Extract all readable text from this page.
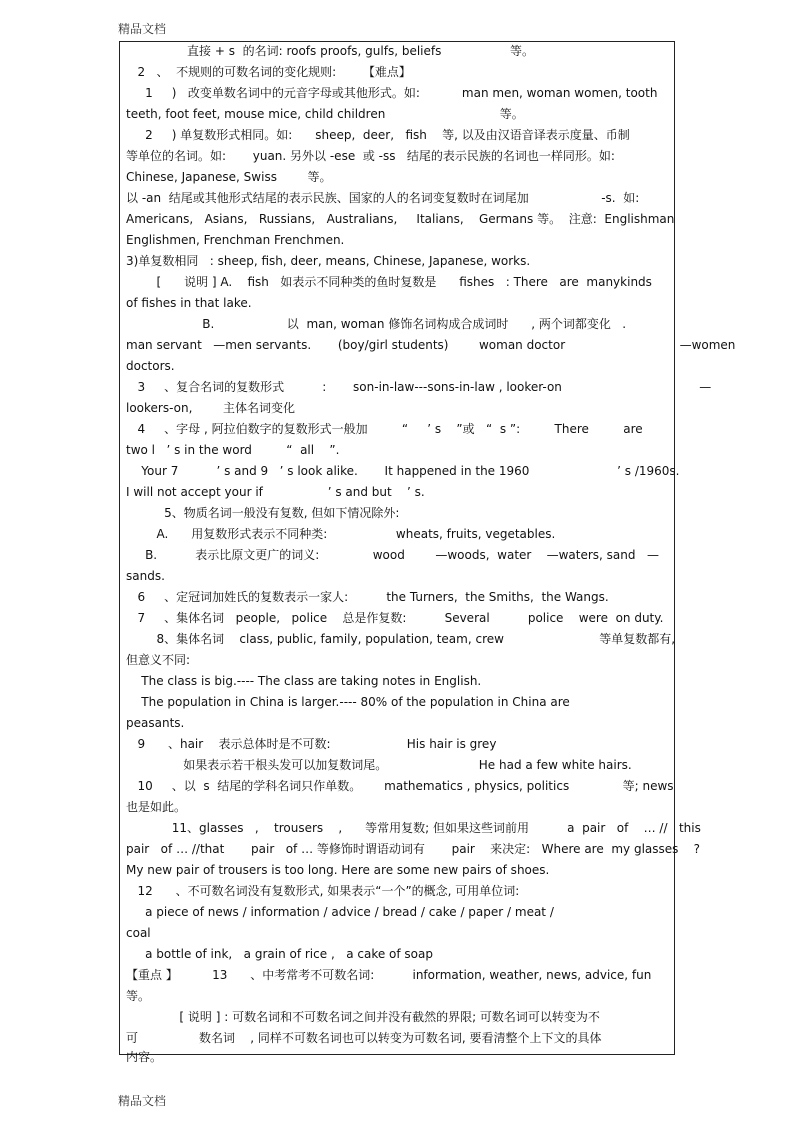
精品文档
直接 + s  的名词: roofs proofs, gulfs, beliefs                  等。
2   、  不规则的可数名词的变化规则:       【难点】
1     )   改变单数名词中的元音字母或其他形式。如:           man men, woman women, tooth
teeth, foot feet, mouse mice, child children                              等。
2     ) 单复数形式相同。如:      sheep,  deer,   fish    等, 以及由汉语音译表示度量、币制
等单位的名词。如:       yuan. 另外以 -ese  或 -ss   结尾的表示民族的名词也一样同形。如:
Chinese, Japanese, Swiss        等。
以 -an  结尾或其他形式结尾的表示民族、国家的人的名词变复数时在词尾加                   -s.  如:
Americans,   Asians,   Russians,   Australians,     Italians,    Germans 等。  注意:  Englishman
Englishmen, Frenchman Frenchmen.
3)单复数相同   : sheep, fish, deer, means, Chinese, Japanese, works.
[      说明 ] A.    fish   如表示不同种类的鱼时复数是      fishes   : There   are  manykinds
of fishes in that lake.
B.                   以  man, woman 修饰名词构成合成词时      , 两个词都变化   .
man servant   —men servants.       (boy/girl students)        woman doctor                              —women
doctors.
3     、复合名词的复数形式          :       son-in-law---sons-in-law , looker-on                                    —
lookers-on,        主体名词变化
4     、字母 , 阿拉伯数字的复数形式一般加         “     ’ s    ”或   “  s ”:         There         are
two l   ’ s in the word         “  all    ”.
Your 7          ’ s and 9   ’ s look alike.       It happened in the 1960                       ’ s /1960s.
I will not accept your if                 ’ s and but    ’ s.
5、物质名词一般没有复数, 但如下情况除外:
A.      用复数形式表示不同种类:                  wheats, fruits, vegetables.
B.          表示比原文更广的词义:              wood        —woods,  water    —waters, sand   —
sands.
6     、定冠词加姓氏的复数表示一家人:          the Turners,  the Smiths,  the Wangs.
7     、集体名词   people,   police    总是作复数:          Several          police    were  on duty.
8、集体名词    class, public, family, population, team, crew                         等单复数都有,
但意义不同:
The class is big.---- The class are taking notes in English.
The population in China is larger.---- 80% of the population in China are
peasants.
9      、hair    表示总体时是不可数:                    His hair is grey
如果表示若干根头发可以加复数词尾。                        He had a few white hairs.
10     、以  s  结尾的学科名词只作单数。      mathematics , physics, politics              等; news
也是如此。
11、glasses   ,    trousers    ,      等常用复数; 但如果这些词前用          a  pair   of    … //   this
pair   of … //that       pair   of … 等修饰时谓语动词有       pair    来决定:   Where are  my glasses    ?
My new pair of trousers is too long. Here are some new pairs of shoes.
12      、不可数名词没有复数形式, 如果表示“一个”的概念, 可用单位词:
a piece of news / information / advice / bread / cake / paper / meat /
coal
a bottle of ink,   a grain of rice ,   a cake of soap
【重点 】         13      、中考常考不可数名词:          information, weather, news, advice, fun
等。
[ 说明 ] : 可数名词和不可数名词之间并没有截然的界限; 可数名词可以转变为不
可                数名词    , 同样不可数名词也可以转变为可数名词, 要看清整个上下文的具体
内容。
精品文档
